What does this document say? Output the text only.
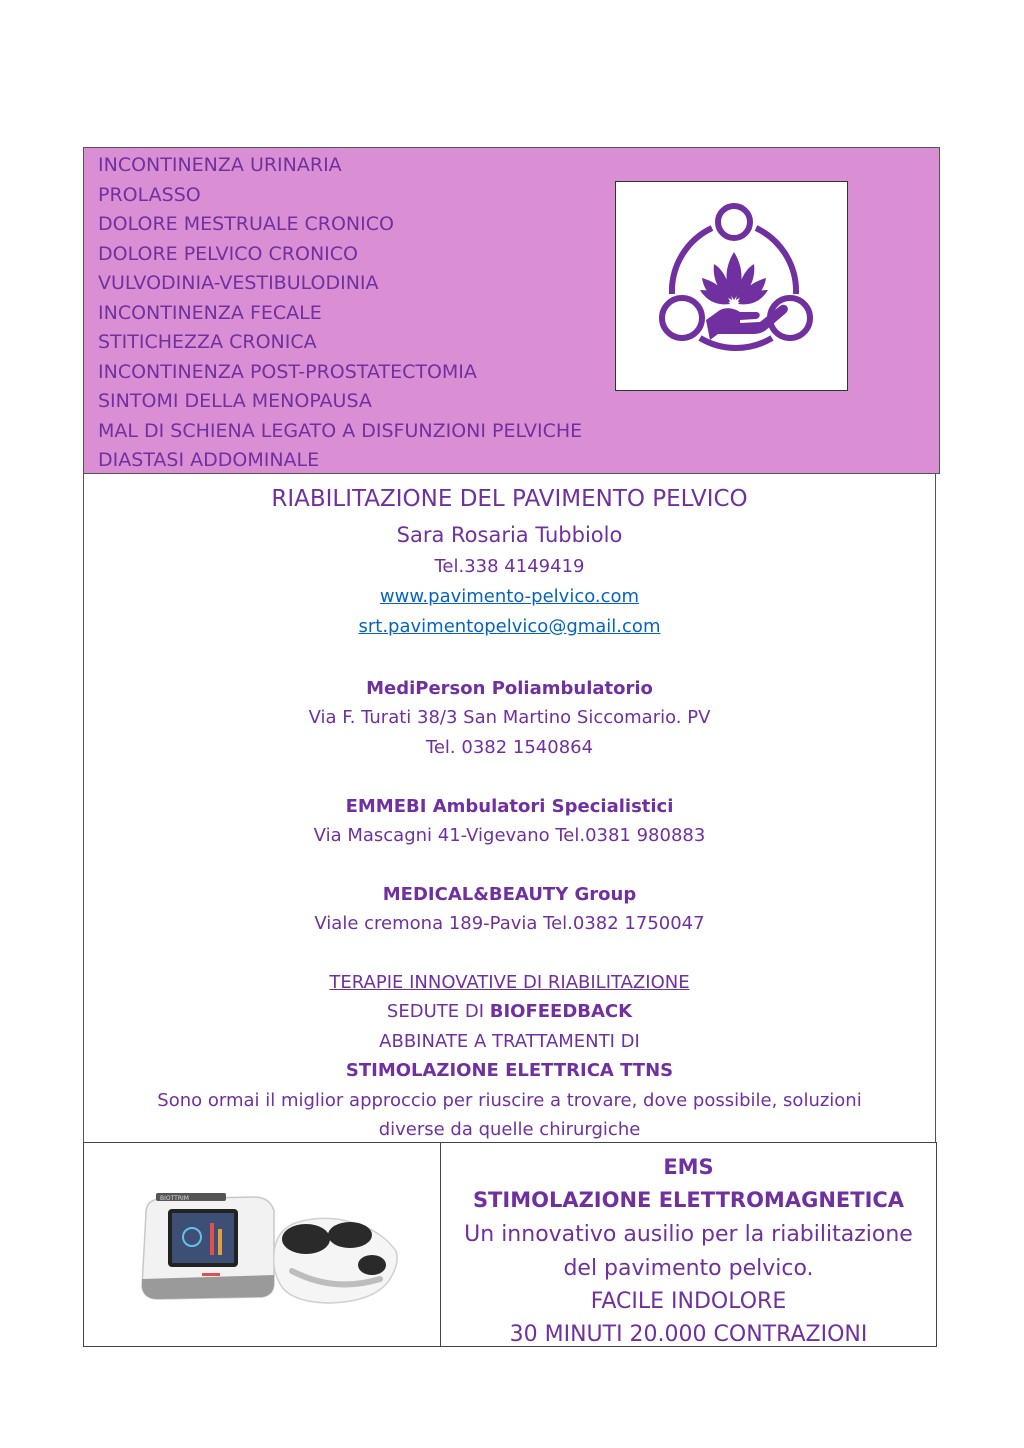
INCONTINENZA URINARIA
PROLASSO
DOLORE MESTRUALE CRONICO
DOLORE PELVICO CRONICO
VULVODINIA-VESTIBULODINIA
INCONTINENZA FECALE
STITICHEZZA CRONICA
INCONTINENZA POST-PROSTATECTOMIA
SINTOMI DELLA MENOPAUSA
MAL DI SCHIENA LEGATO A DISFUNZIONI PELVICHE
DIASTASI ADDOMINALE
RIABILITAZIONE DEL PAVIMENTO PELVICO
Sara Rosaria Tubbiolo
Tel.338 4149419
www.pavimento-pelvico.com
srt.pavimentopelvico@gmail.com
MediPerson Poliambulatorio
Via F. Turati 38/3 San Martino Siccomario. PV
Tel. 0382 1540864
EMMEBI Ambulatori Specialistici
Via Mascagni 41-Vigevano Tel.0381 980883
MEDICAL&BEAUTY Group
Viale cremona 189-Pavia Tel.0382 1750047
TERAPIE INNOVATIVE DI RIABILITAZIONE
SEDUTE DI BIOFEEDBACK
ABBINATE A TRATTAMENTI DI
STIMOLAZIONE ELETTRICA TTNS
Sono ormai il miglior approccio per riuscire a trovare, dove possibile, soluzioni
diverse da quelle chirurgiche
BIOTTRIM
EMS
STIMOLAZIONE ELETTROMAGNETICA
Un innovativo ausilio per la riabilitazione
del pavimento pelvico.
FACILE INDOLORE
30 MINUTI 20.000 CONTRAZIONI
